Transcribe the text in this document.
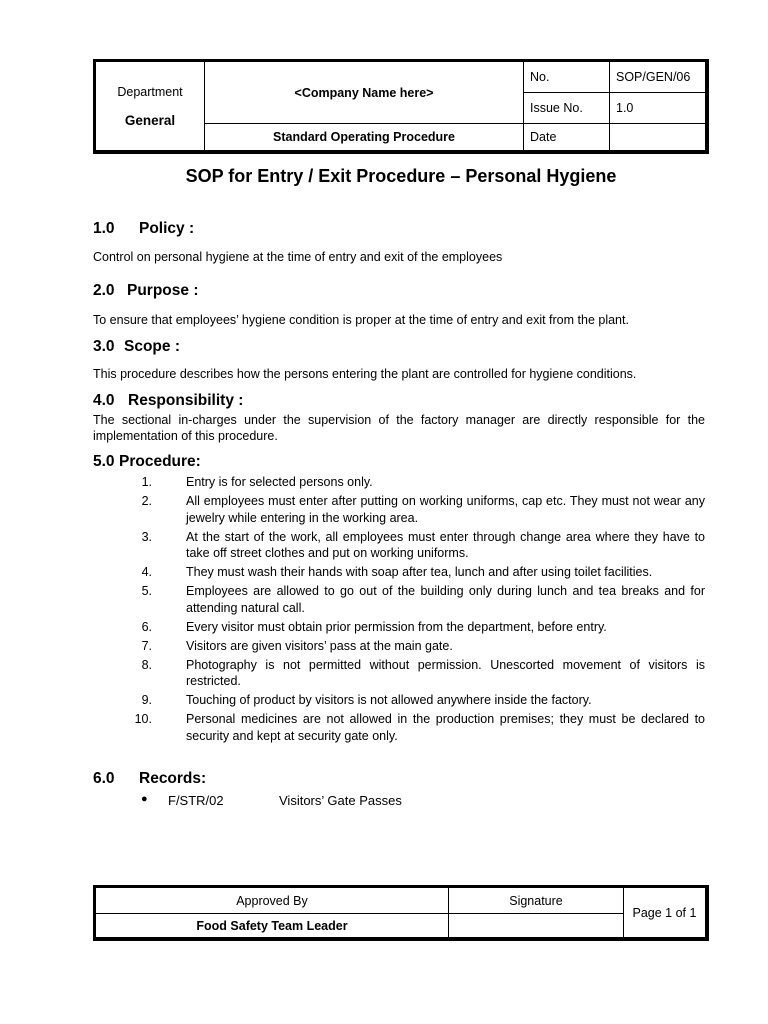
Department
General	<Company Name here>	No.	SOP/GEN/06
		Issue No.	1.0
	Standard Operating Procedure	Date	
SOP for Entry / Exit Procedure – Personal Hygiene
1.0 Policy :
Control on personal hygiene at the time of entry and exit of the employees
2.0 Purpose :
To ensure that employees’ hygiene condition is proper at the time of entry and exit from the plant.
3.0 Scope :
This procedure describes how the persons entering the plant are controlled for hygiene conditions.
4.0 Responsibility :
The sectional in-charges under the supervision of the factory manager are directly responsible for the implementation of this procedure.
5.0 Procedure:
1.	Entry is for selected persons only.
2.	All employees must enter after putting on working uniforms, cap etc. They must not wear any jewelry while entering in the working area.
3.	At the start of the work, all employees must enter through change area where they have to take off street clothes and put on working uniforms.
4.	They must wash their hands with soap after tea, lunch and after using toilet facilities.
5.	Employees are allowed to go out of the building only during lunch and tea breaks and for attending natural call.
6.	Every visitor must obtain prior permission from the department, before entry.
7.	Visitors are given visitors’ pass at the main gate.
8.	Photography is not permitted without permission. Unescorted movement of visitors is restricted.
9.	Touching of product by visitors is not allowed anywhere inside the factory.
10.	Personal medicines are not allowed in the production premises; they must be declared to security and kept at security gate only.
6.0 Records:
● F/STR/02	Visitors’ Gate Passes
Approved By	Signature	Page 1 of 1
Food Safety Team Leader		
